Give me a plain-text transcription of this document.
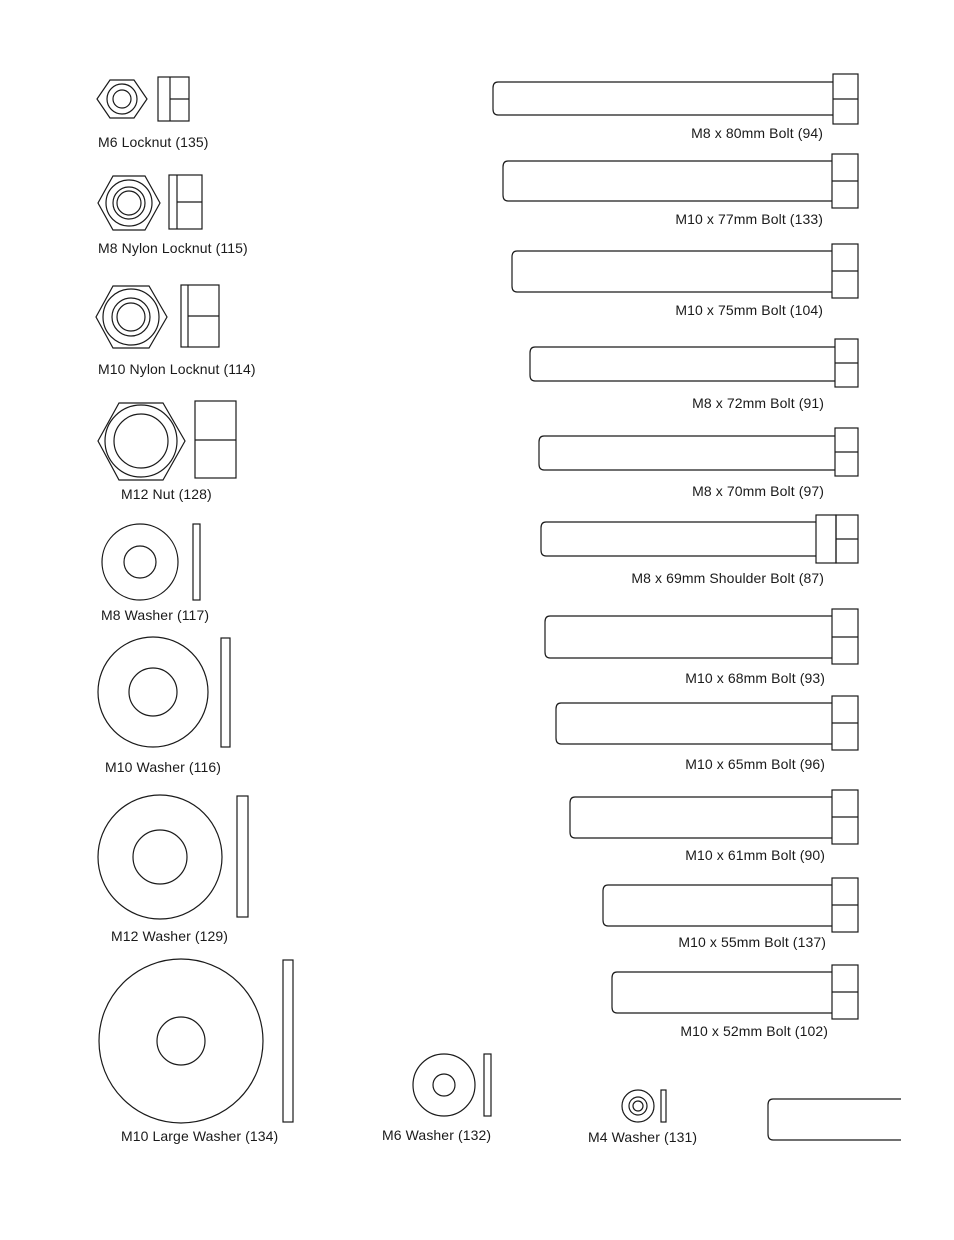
M6 Locknut (135)
M8 Nylon Locknut (115)
M10 Nylon Locknut (114)
M12 Nut (128)
M8 Washer (117)
M10 Washer (116)
M12 Washer (129)
M10 Large Washer (134)	M6 Washer (132)	M4 Washer (131)
M8 x 80mm Bolt (94)
M10 x 77mm Bolt (133)
M10 x 75mm Bolt (104)
M8 x 72mm Bolt (91)
M8 x 70mm Bolt (97)
M8 x 69mm Shoulder Bolt (87)
M10 x 68mm Bolt (93)
M10 x 65mm Bolt (96)
M10 x 61mm Bolt (90)
M10 x 55mm Bolt (137)
M10 x 52mm Bolt (102)
